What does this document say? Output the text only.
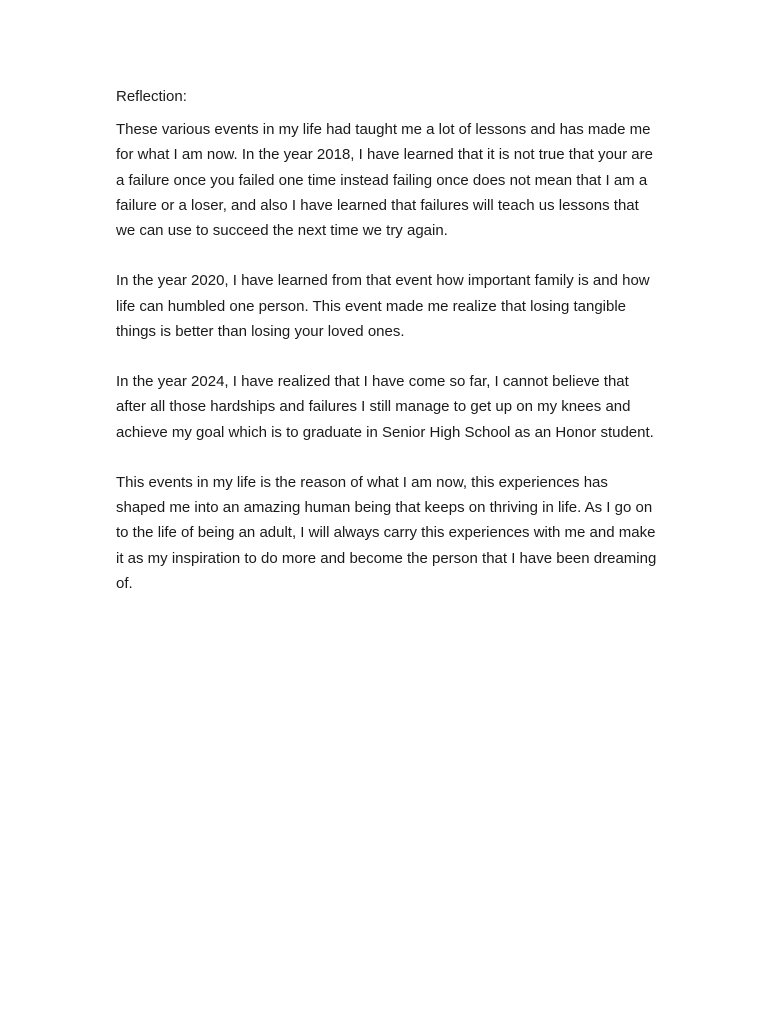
Reflection:

These various events in my life had taught me a lot of lessons and has made me for what I am now. In the year 2018, I have learned that it is not true that your are a failure once you failed one time instead failing once does not mean that I am a failure or a loser, and also I have learned that failures will teach us lessons that we can use to succeed the next time we try again.

In the year 2020, I have learned from that event how important family is and how life can humbled one person. This event made me realize that losing tangible things is better than losing your loved ones.

In the year 2024, I have realized that I have come so far, I cannot believe that after all those hardships and failures I still manage to get up on my knees and achieve my goal which is to graduate in Senior High School as an Honor student.

This events in my life is the reason of what I am now, this experiences has shaped me into an amazing human being that keeps on thriving in life. As I go on to the life of being an adult, I will always carry this experiences with me and make it as my inspiration to do more and become the person that I have been dreaming of.
